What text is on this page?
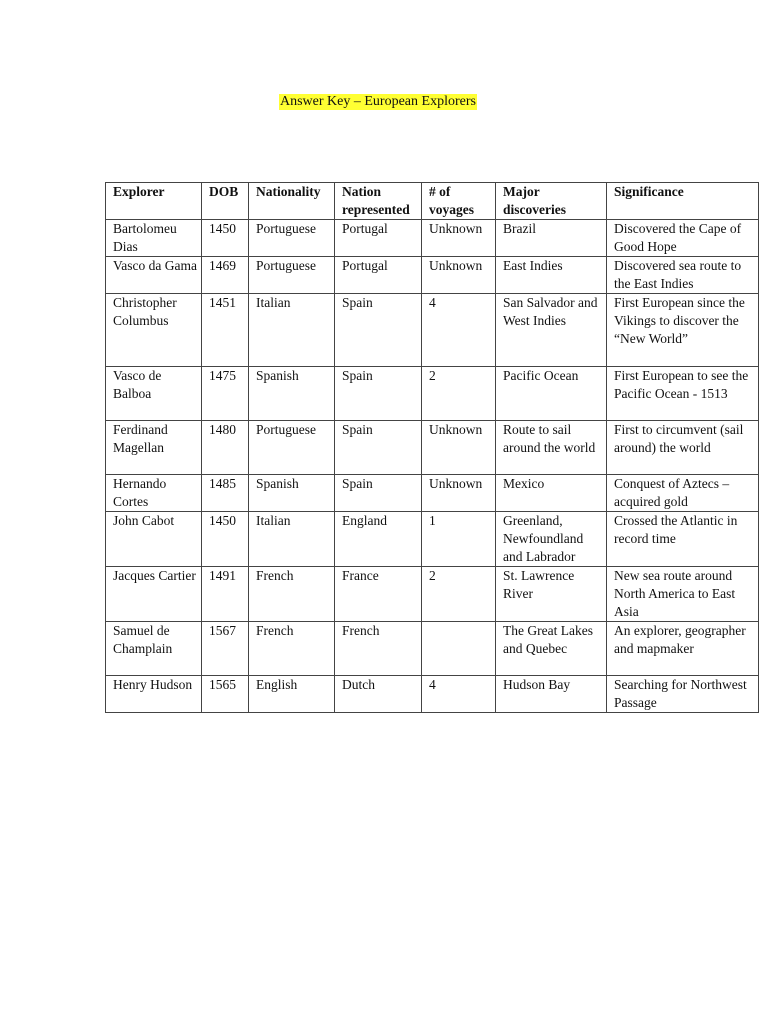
Answer Key – European Explorers
Explorer	DOB	Nationality	Nation represented	# of voyages	Major discoveries	Significance
Bartolomeu Dias	1450	Portuguese	Portugal	Unknown	Brazil	Discovered the Cape of Good Hope
Vasco da Gama	1469	Portuguese	Portugal	Unknown	East Indies	Discovered sea route to the East Indies
Christopher Columbus	1451	Italian	Spain	4	San Salvador and West Indies	First European since the Vikings to discover the “New World”
Vasco de Balboa	1475	Spanish	Spain	2	Pacific Ocean	First European to see the Pacific Ocean - 1513
Ferdinand Magellan	1480	Portuguese	Spain	Unknown	Route to sail around the world	First to circumvent (sail around) the world
Hernando Cortes	1485	Spanish	Spain	Unknown	Mexico	Conquest of Aztecs – acquired gold
John Cabot	1450	Italian	England	1	Greenland, Newfoundland and Labrador	Crossed the Atlantic in record time
Jacques Cartier	1491	French	France	2	St. Lawrence River	New sea route around North America to East Asia
Samuel de Champlain	1567	French	French		The Great Lakes and Quebec	An explorer, geographer and mapmaker
Henry Hudson	1565	English	Dutch	4	Hudson Bay	Searching for Northwest Passage
